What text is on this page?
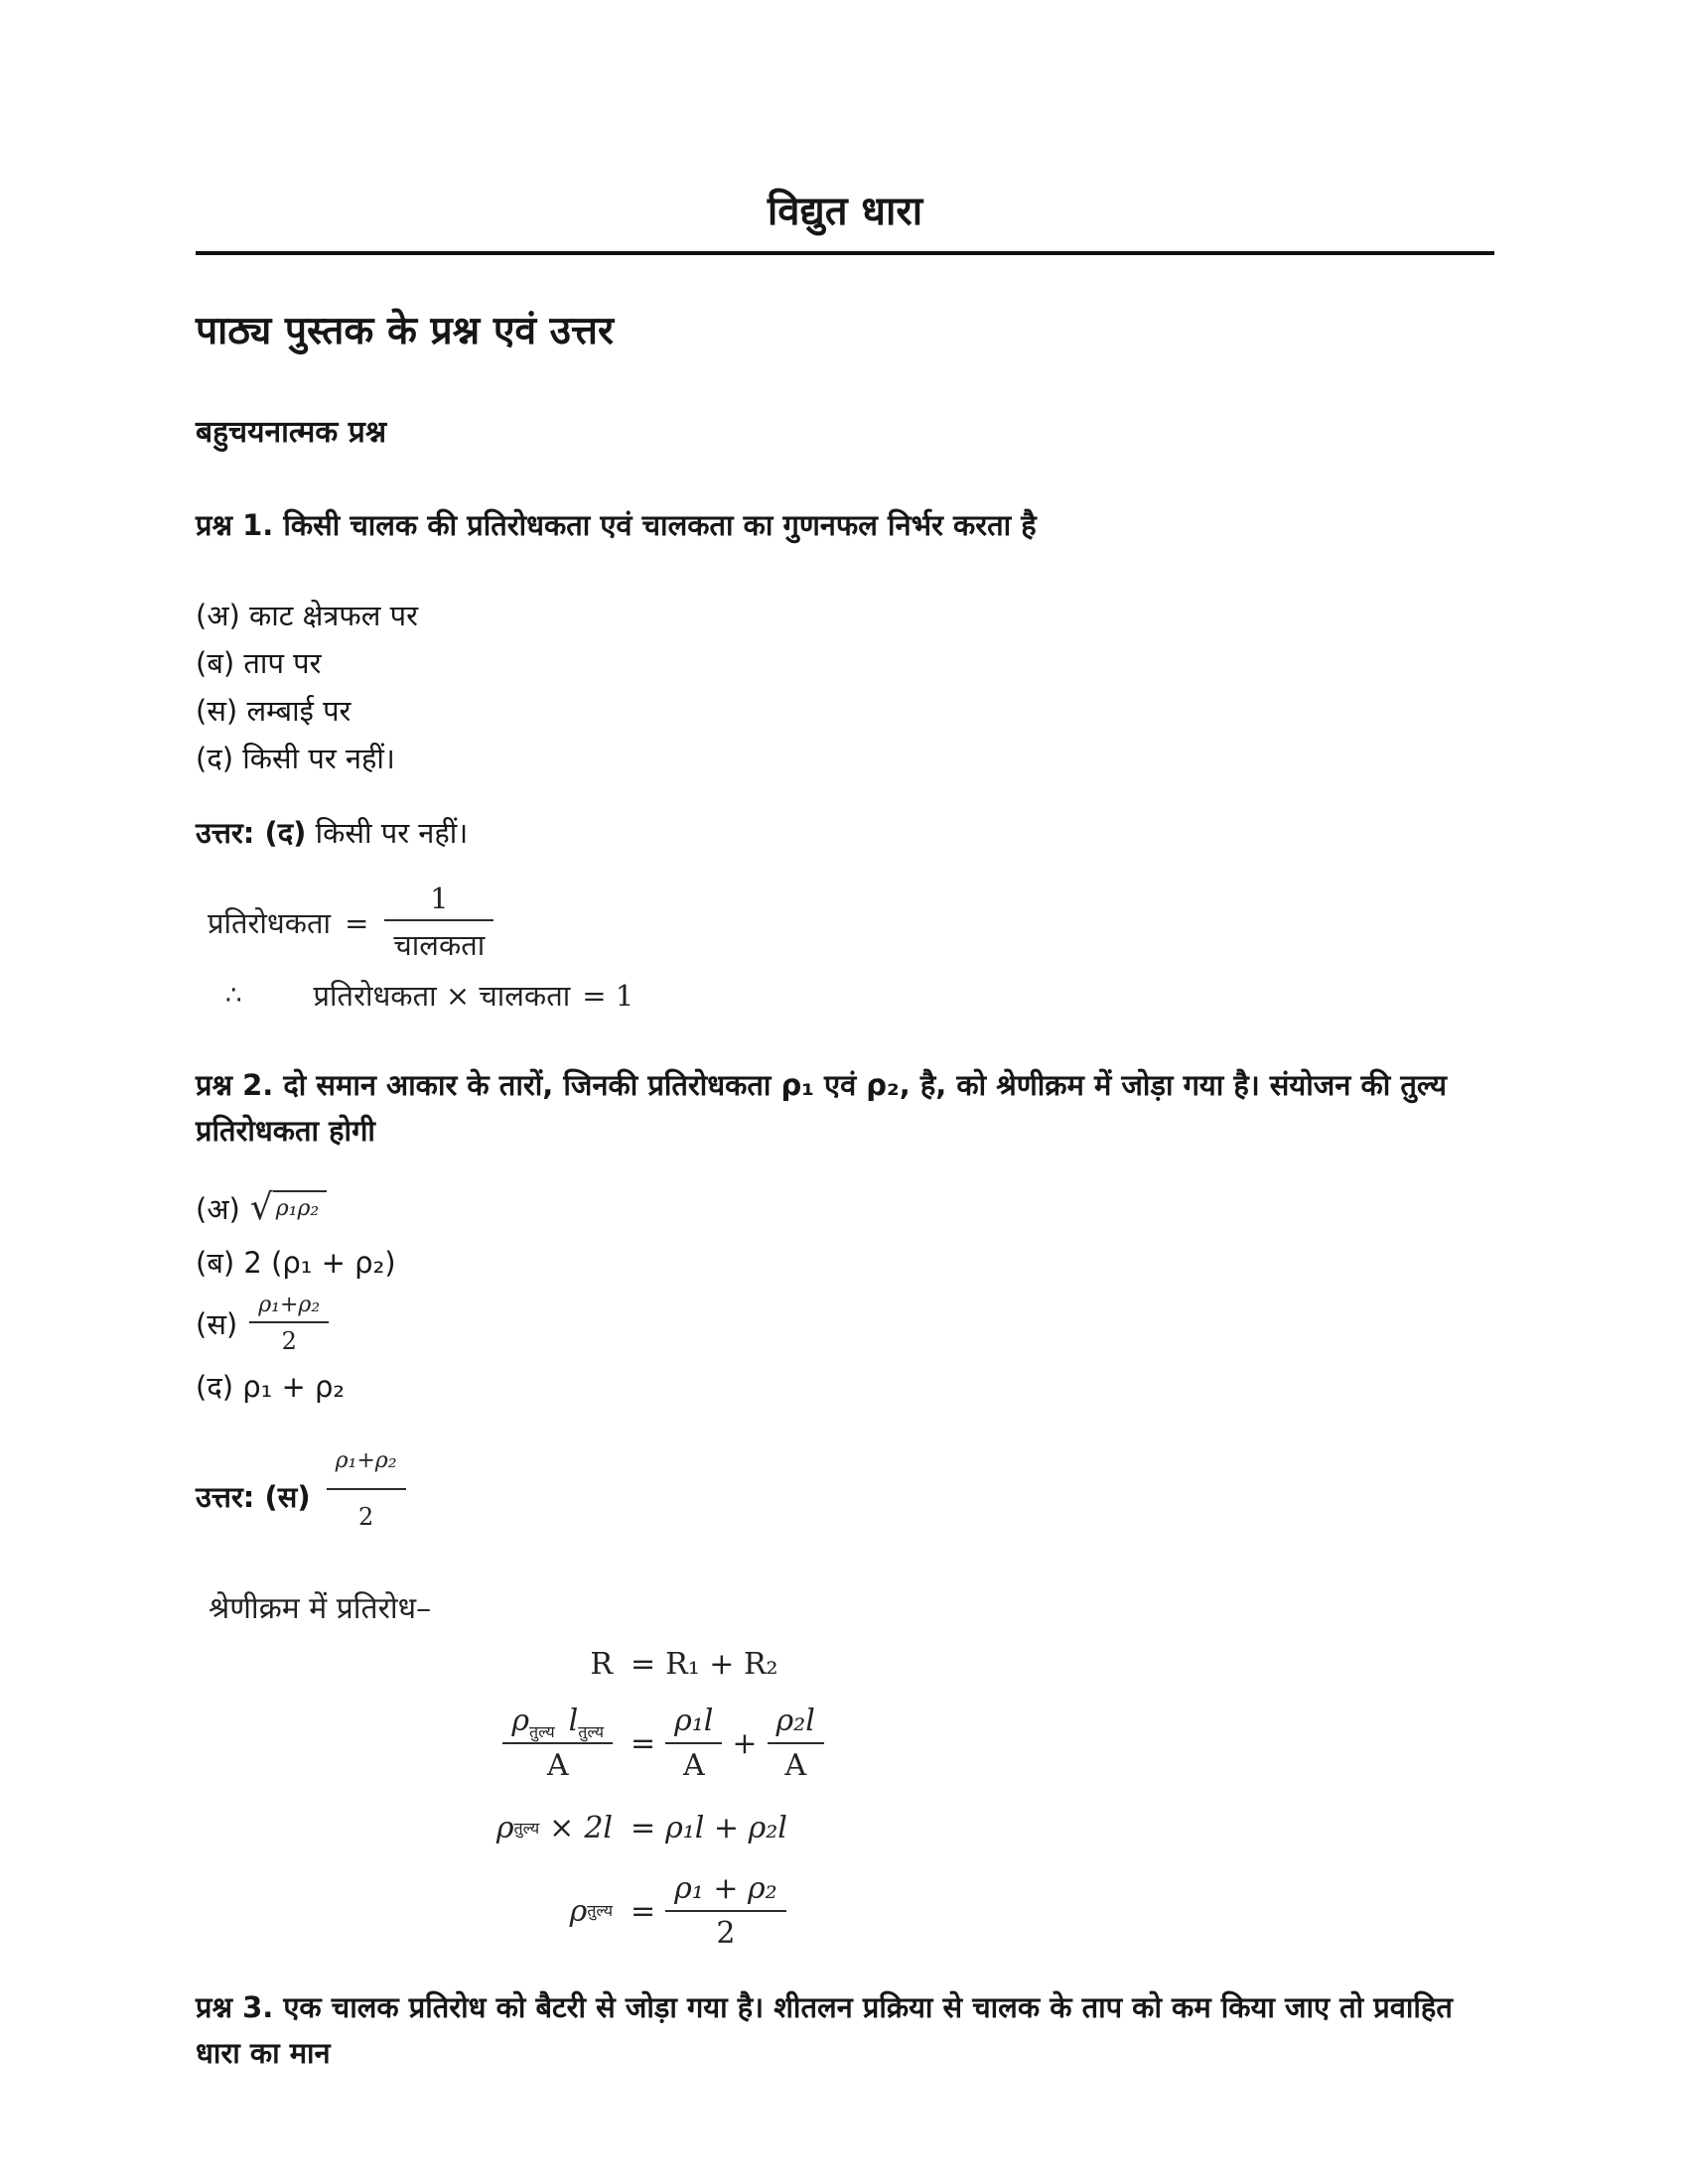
विद्युत धारा
पाठ्य पुस्तक के प्रश्न एवं उत्तर
बहुचयनात्मक प्रश्न

प्रश्न 1. किसी चालक की प्रतिरोधकता एवं चालकता का गुणनफल निर्भर करता है

(अ) काट क्षेत्रफल पर
(ब) ताप पर
(स) लम्बाई पर
(द) किसी पर नहीं।

उत्तर: (द) किसी पर नहीं।

प्रतिरोधकता = $\frac{1}{\text{चालकता}}$
∴ प्रतिरोधकता × चालकता = 1

प्रश्न 2. दो समान आकार के तारों, जिनकी प्रतिरोधकता ρ₁ एवं ρ₂, है, को श्रेणीक्रम में जोड़ा गया है। संयोजन की तुल्य प्रतिरोधकता होगी

(अ) √ ρ₁ρ₂
(ब) 2 (ρ₁ + ρ₂)
(स) $\frac{\text{ρ₁+ρ₂}}{2}$
(द) ρ₁ + ρ₂
उत्तर: (स) $\frac{\text{ρ₁+ρ₂}}{2}$
श्रेणीक्रम में प्रतिरोध–
R = R₁ + R₂
$\frac{\rho_{तुल्य} l_{तुल्य}}{A} = \frac{\text{ρ₁l}}{A} + \frac{\text{ρ₂l}}{A}$
ρ तुल्य × 2l = ρ₁l + ρ₂l
ρ तुल्य = $\frac{\text{ρ₁ + ρ₂}}{2}$

प्रश्न 3. एक चालक प्रतिरोध को बैटरी से जोड़ा गया है। शीतलन प्रक्रिया से चालक के ताप को कम किया जाए तो प्रवाहित धारा का मान
